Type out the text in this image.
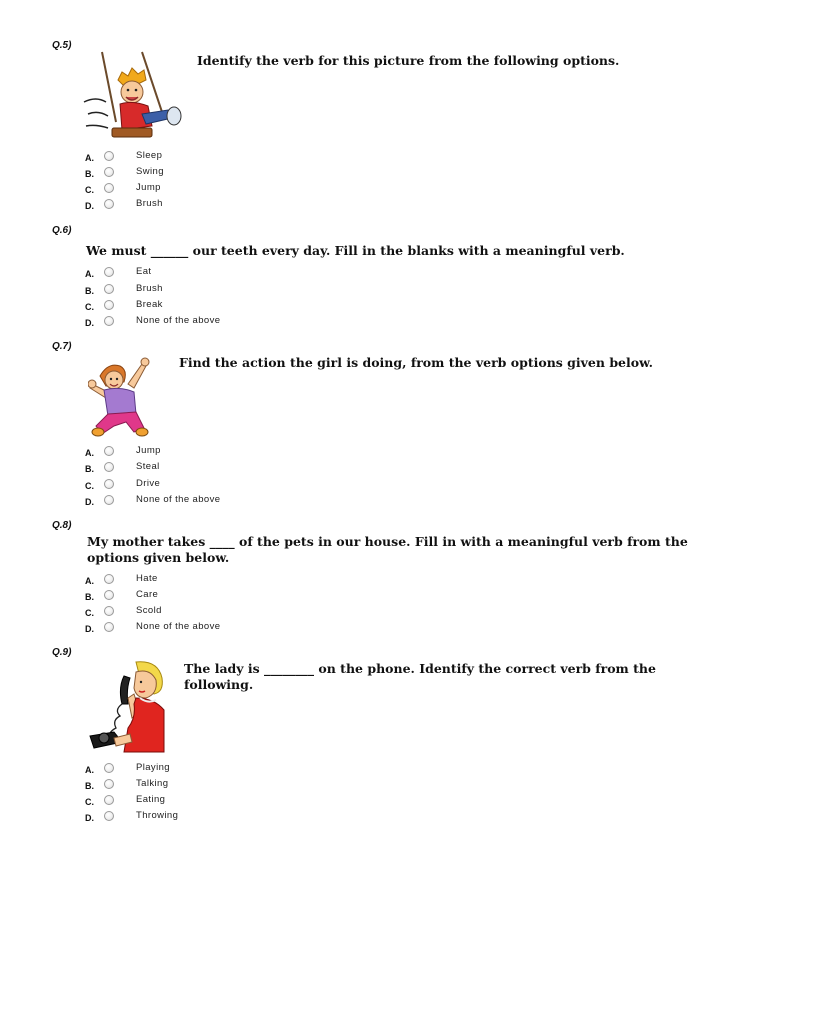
Q.5)
Identify the verb for this picture from the following options.
A.	Sleep
B.	Swing
C.	Jump
D.	Brush
Q.6)
We must ______ our teeth every day. Fill in the blanks with a meaningful verb.
A.	Eat
B.	Brush
C.	Break
D.	None of the above
Q.7)
Find the action the girl is doing, from the verb options given below.
A.	Jump
B.	Steal
C.	Drive
D.	None of the above
Q.8)
My mother takes ____ of the pets in our house. Fill in with a meaningful verb from the
options given below.
A.	Hate
B.	Care
C.	Scold
D.	None of the above
Q.9)
The lady is ________ on the phone. Identify the correct verb from the
following.
A.	Playing
B.	Talking
C.	Eating
D.	Throwing
